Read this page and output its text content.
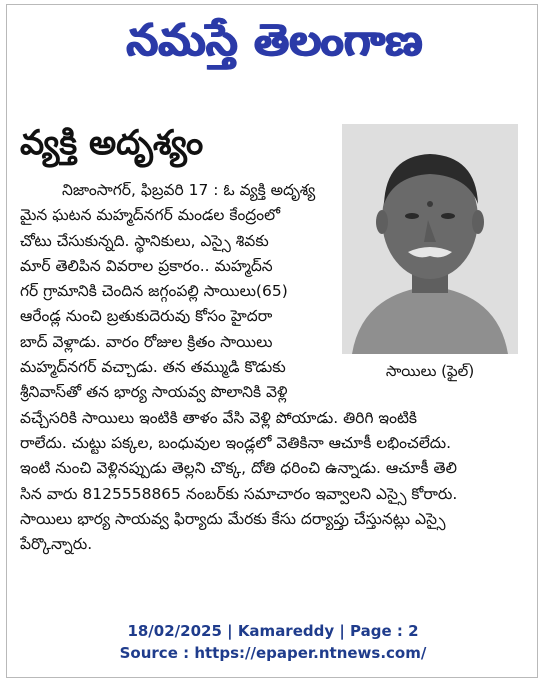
నమస్తే తెలంగాణ
వ్యక్తి అదృశ్యం
సాయిలు (ఫైల్)
నిజాంసాగర్, ఫిబ్రవరి 17 : ఓ వ్యక్తి అదృశ్య
మైన ఘటన మహ్మద్‌నగర్ మండల కేంద్రంలో
చోటు చేసుకున్నది. స్థానికులు, ఎస్సై శివకు
మార్ తెలిపిన వివరాల ప్రకారం.. మహ్మద్‌న
గర్ గ్రామానికి చెందిన జగ్గంపల్లి సాయిలు(65)
ఆరేండ్ల నుంచి బ్రతుకుదెరువు కోసం హైదరా
బాద్ వెళ్లాడు. వారం రోజుల క్రితం సాయిలు
మహ్మద్‌నగర్ వచ్చాడు. తన తమ్ముడి కొడుకు
శ్రీనివాస్‌తో తన భార్య సాయవ్వ పొలానికి వెళ్లి
వచ్చేసరికి సాయిలు ఇంటికి తాళం వేసి వెళ్లి పోయాడు. తిరిగి ఇంటికి
రాలేదు. చుట్టు పక్కల, బంధువుల ఇండ్లలో వెతికినా ఆచూకీ లభించలేదు.
ఇంటి నుంచి వెళ్లినప్పుడు తెల్లని చొక్క, దోతి ధరించి ఉన్నాడు. ఆచూకీ తెలి
సిన వారు 8125558865 నంబర్‌కు సమాచారం ఇవ్వాలని ఎస్సై కోరారు.
సాయిలు భార్య సాయవ్వ ఫిర్యాదు మేరకు కేసు దర్యాప్తు చేస్తునట్లు ఎస్సై
పేర్కొన్నారు.
18/02/2025 | Kamareddy | Page : 2
Source : https://epaper.ntnews.com/
